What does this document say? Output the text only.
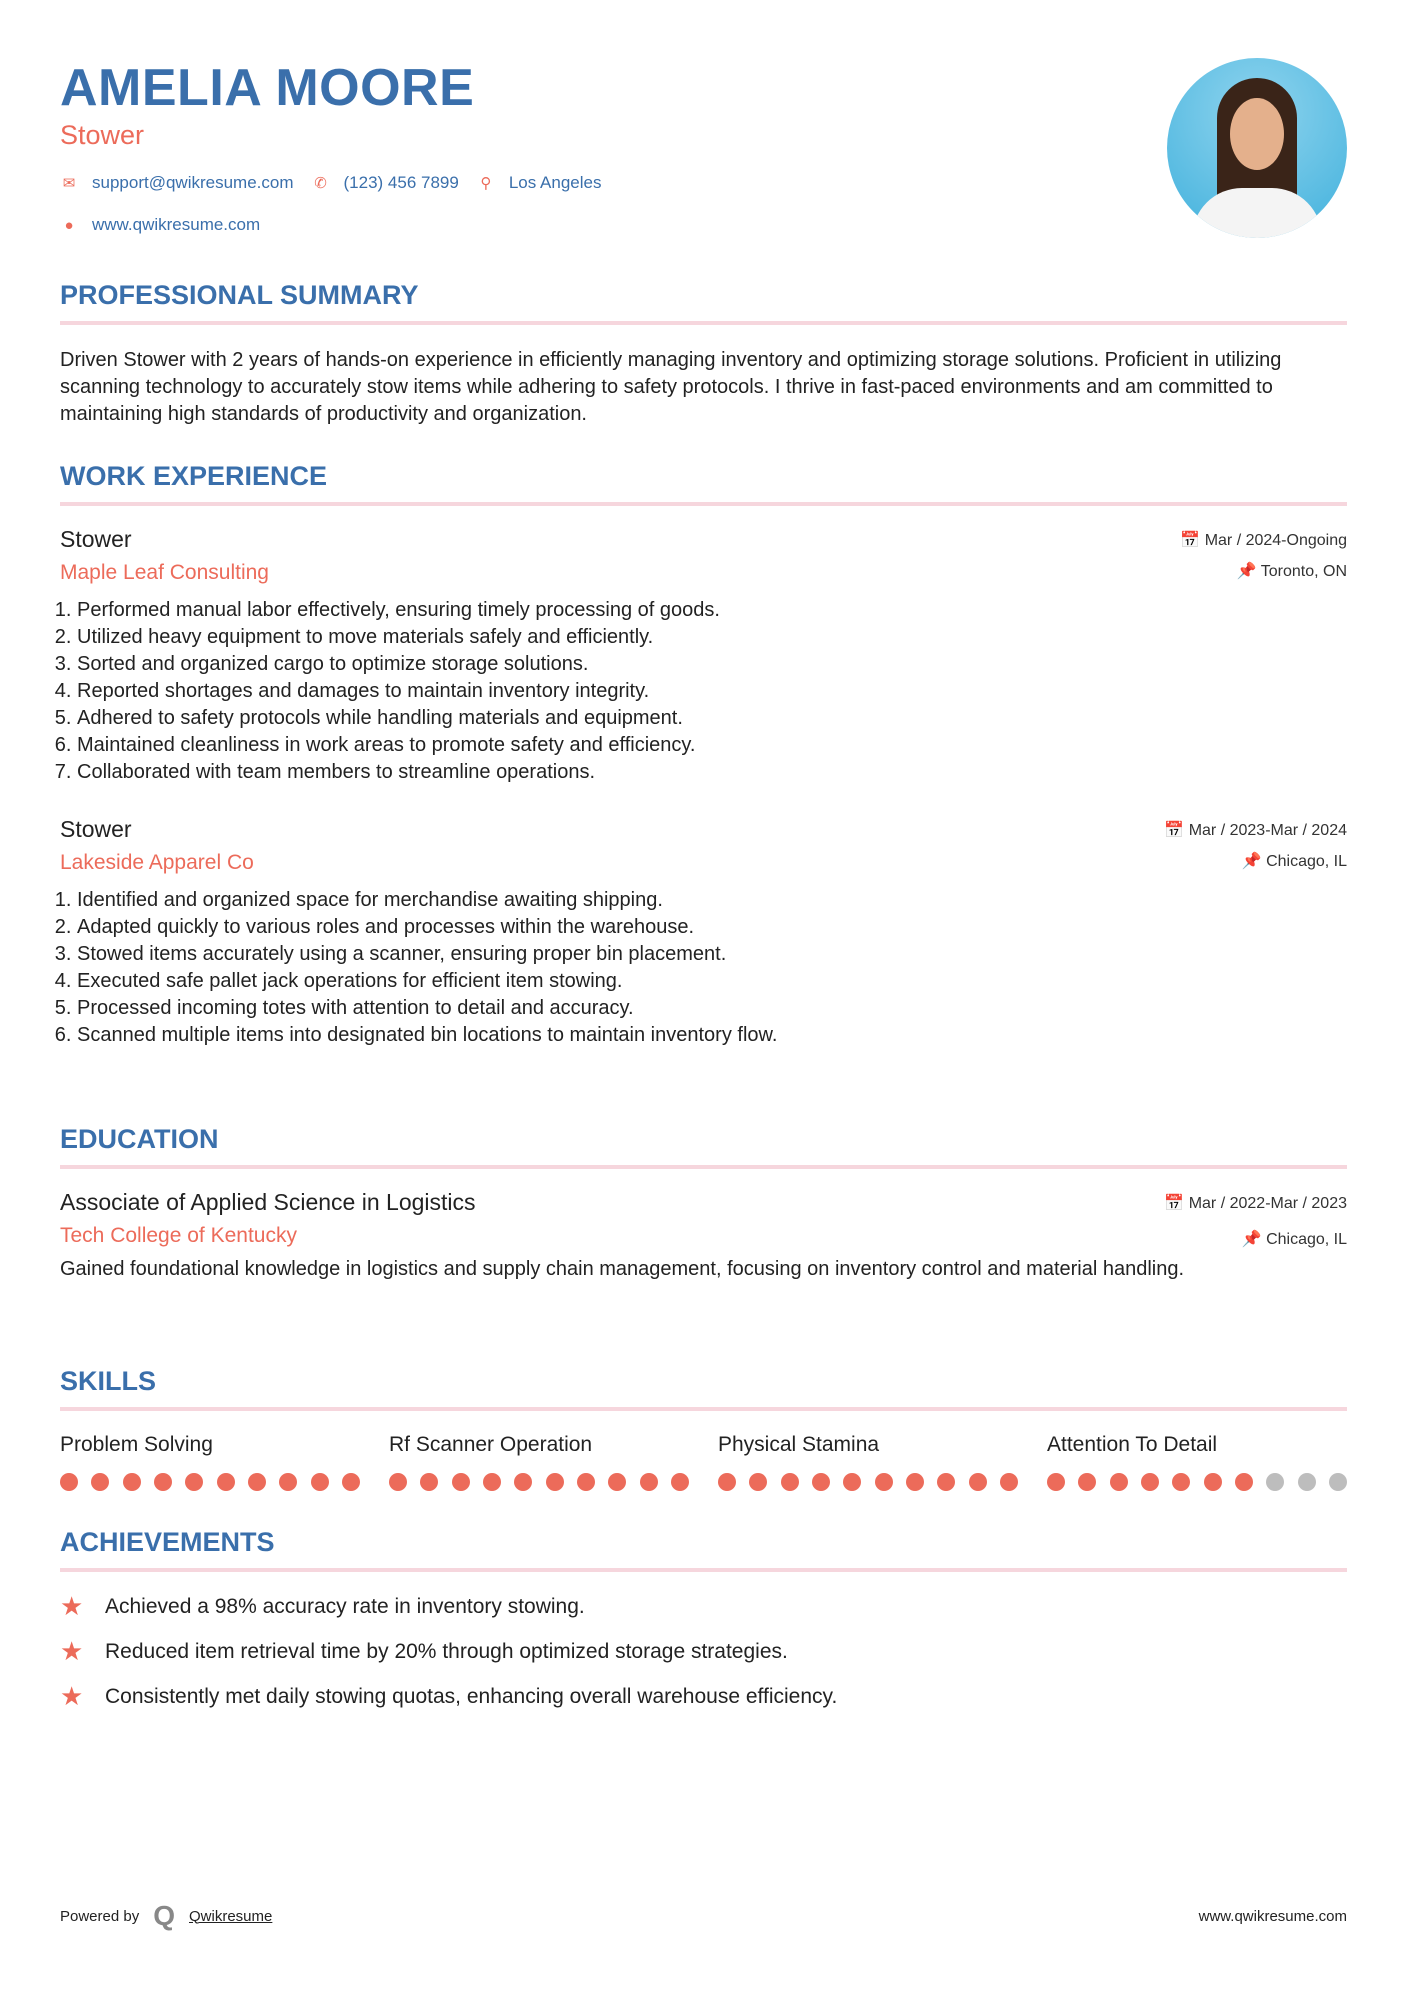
AMELIA MOORE
Stower
✉ support@qwikresume.com ✆ (123) 456 7899 ⚲ Los Angeles
● www.qwikresume.com
PROFESSIONAL SUMMARY

Driven Stower with 2 years of hands-on experience in efficiently managing inventory and optimizing storage solutions. Proficient in utilizing scanning technology to accurately stow items while adhering to safety protocols. I thrive in fast-paced environments and am committed to maintaining high standards of productivity and organization.

WORK EXPERIENCE
📅 Mar / 2024-Ongoing
📌 Toronto, ON
Stower
Maple Leaf Consulting
1. Performed manual labor effectively, ensuring timely processing of goods.
2. Utilized heavy equipment to move materials safely and efficiently.
3. Sorted and organized cargo to optimize storage solutions.
4. Reported shortages and damages to maintain inventory integrity.
5. Adhered to safety protocols while handling materials and equipment.
6. Maintained cleanliness in work areas to promote safety and efficiency.
7. Collaborated with team members to streamline operations.
📅 Mar / 2023-Mar / 2024
📌 Chicago, IL
Stower
Lakeside Apparel Co
1. Identified and organized space for merchandise awaiting shipping.
2. Adapted quickly to various roles and processes within the warehouse.
3. Stowed items accurately using a scanner, ensuring proper bin placement.
4. Executed safe pallet jack operations for efficient item stowing.
5. Processed incoming totes with attention to detail and accuracy.
6. Scanned multiple items into designated bin locations to maintain inventory flow.
EDUCATION
📅 Mar / 2022-Mar / 2023
📌 Chicago, IL
Associate of Applied Science in Logistics
Tech College of Kentucky

Gained foundational knowledge in logistics and supply chain management, focusing on inventory control and material handling.

SKILLS
Problem Solving	Rf Scanner Operation	Physical Stamina	Attention To Detail
ACHIEVEMENTS
★	Achieved a 98% accuracy rate in inventory stowing.
★	Reduced item retrieval time by 20% through optimized storage strategies.
★	Consistently met daily stowing quotas, enhancing overall warehouse efficiency.
Powered by Q Qwikresume	www.qwikresume.com
